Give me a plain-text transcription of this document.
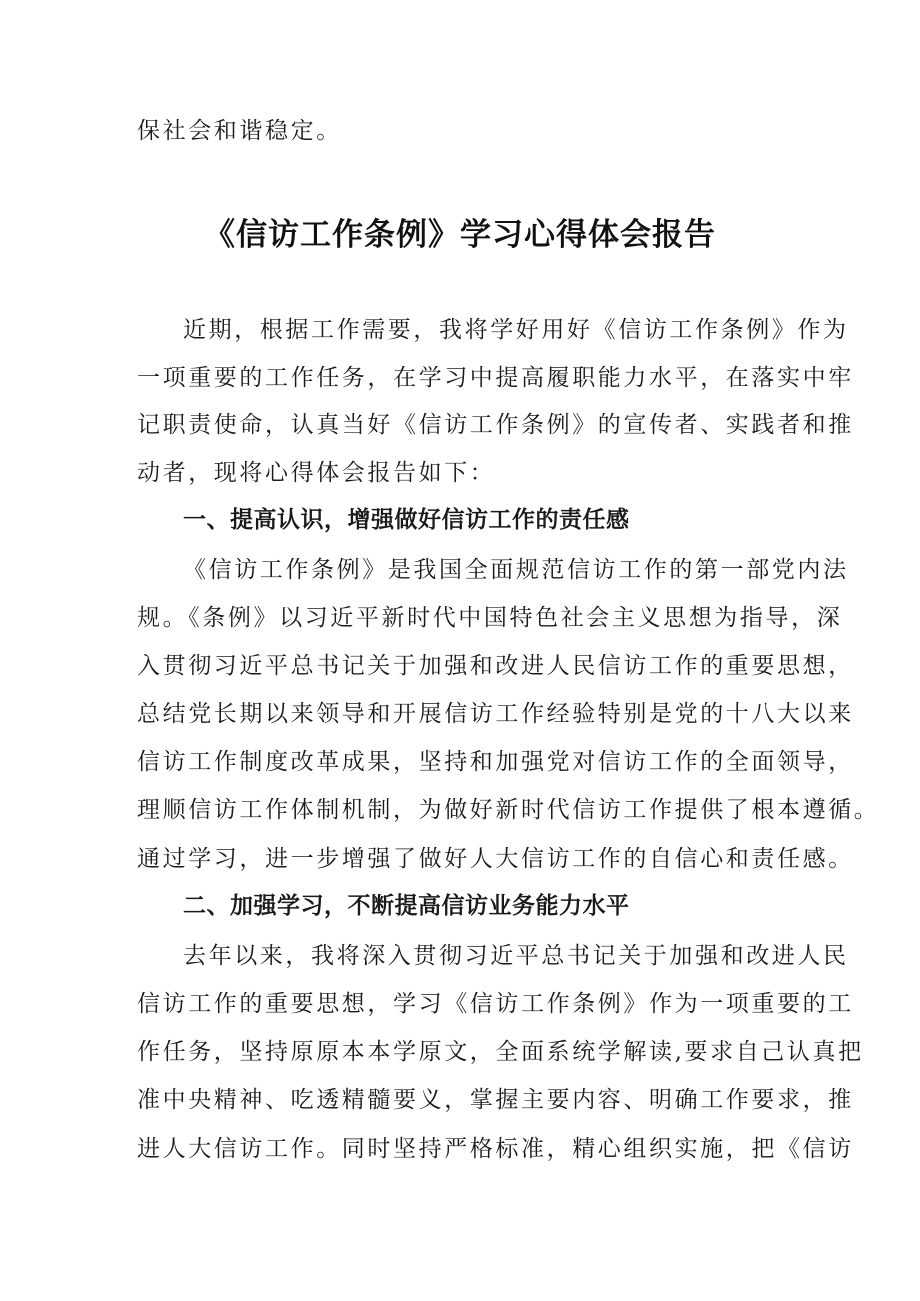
保社会和谐稳定。
《信访工作条例》学习心得体会报告
近期，根据工作需要，我将学好用好《信访工作条例》作为
一项重要的工作任务，在学习中提高履职能力水平，在落实中牢
记职责使命，认真当好《信访工作条例》的宣传者、实践者和推
动者，现将心得体会报告如下：
一、提高认识，增强做好信访工作的责任感
《信访工作条例》是我国全面规范信访工作的第一部党内法
规。《条例》以习近平新时代中国特色社会主义思想为指导，深
入贯彻习近平总书记关于加强和改进人民信访工作的重要思想，
总结党长期以来领导和开展信访工作经验特别是党的十八大以来
信访工作制度改革成果，坚持和加强党对信访工作的全面领导，
理顺信访工作体制机制，为做好新时代信访工作提供了根本遵循。
通过学习，进一步增强了做好人大信访工作的自信心和责任感。
二、加强学习，不断提高信访业务能力水平
去年以来，我将深入贯彻习近平总书记关于加强和改进人民
信访工作的重要思想，学习《信访工作条例》作为一项重要的工
作任务，坚持原原本本学原文，全面系统学解读,要求自己认真把
准中央精神、吃透精髓要义，掌握主要内容、明确工作要求，推
进人大信访工作。同时坚持严格标准，精心组织实施，把《信访
